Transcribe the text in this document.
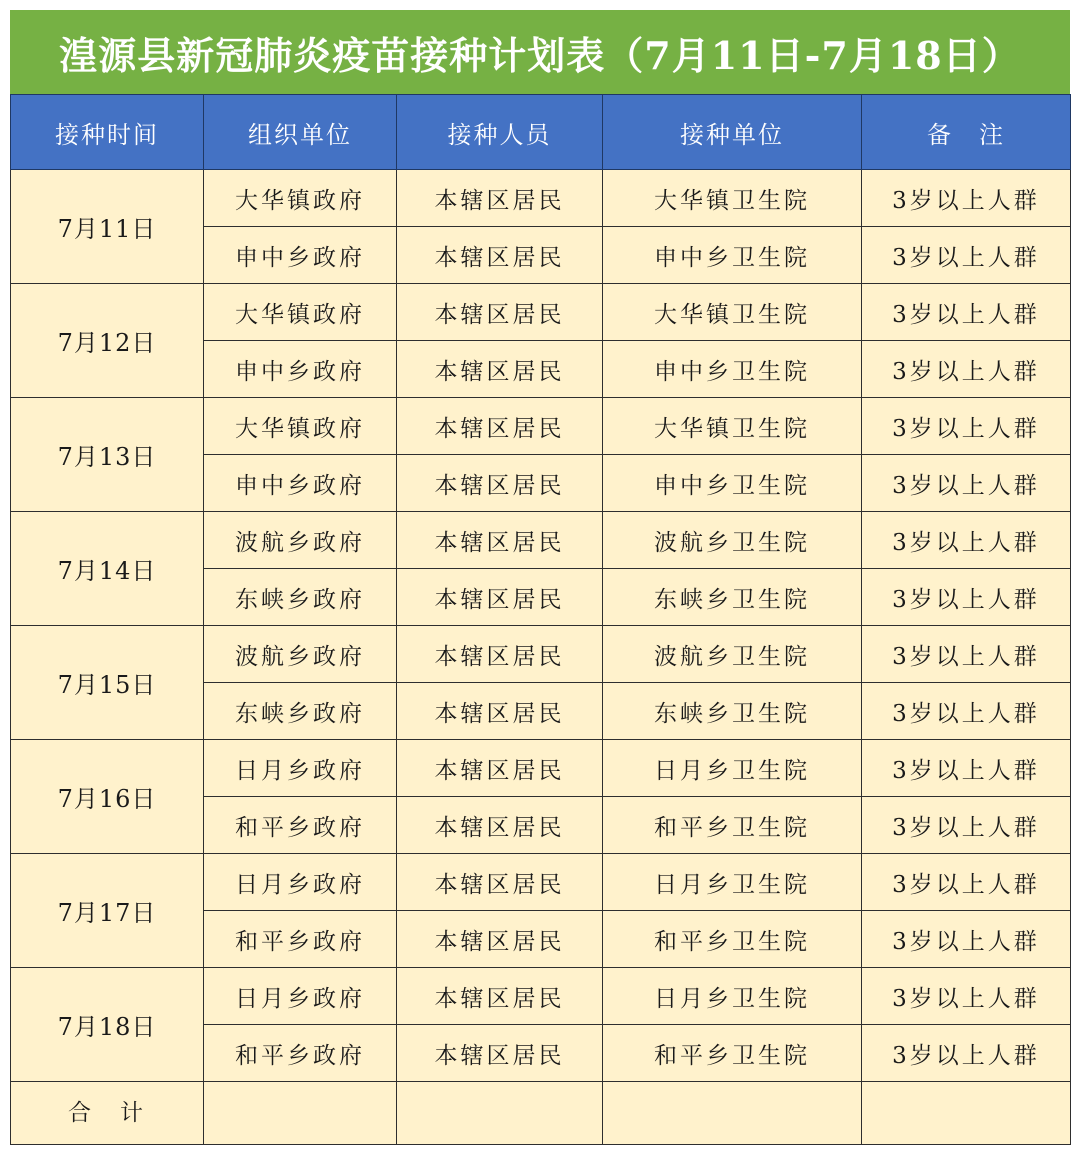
湟源县新冠肺炎疫苗接种计划表（7月11日-7月18日）
接种时间	组织单位	接种人员	接种单位	备　注
7月11日	大华镇政府	本辖区居民	大华镇卫生院	3岁以上人群
	申中乡政府	本辖区居民	申中乡卫生院	3岁以上人群
7月12日	大华镇政府	本辖区居民	大华镇卫生院	3岁以上人群
	申中乡政府	本辖区居民	申中乡卫生院	3岁以上人群
7月13日	大华镇政府	本辖区居民	大华镇卫生院	3岁以上人群
	申中乡政府	本辖区居民	申中乡卫生院	3岁以上人群
7月14日	波航乡政府	本辖区居民	波航乡卫生院	3岁以上人群
	东峡乡政府	本辖区居民	东峡乡卫生院	3岁以上人群
7月15日	波航乡政府	本辖区居民	波航乡卫生院	3岁以上人群
	东峡乡政府	本辖区居民	东峡乡卫生院	3岁以上人群
7月16日	日月乡政府	本辖区居民	日月乡卫生院	3岁以上人群
	和平乡政府	本辖区居民	和平乡卫生院	3岁以上人群
7月17日	日月乡政府	本辖区居民	日月乡卫生院	3岁以上人群
	和平乡政府	本辖区居民	和平乡卫生院	3岁以上人群
7月18日	日月乡政府	本辖区居民	日月乡卫生院	3岁以上人群
	和平乡政府	本辖区居民	和平乡卫生院	3岁以上人群
合　计				
